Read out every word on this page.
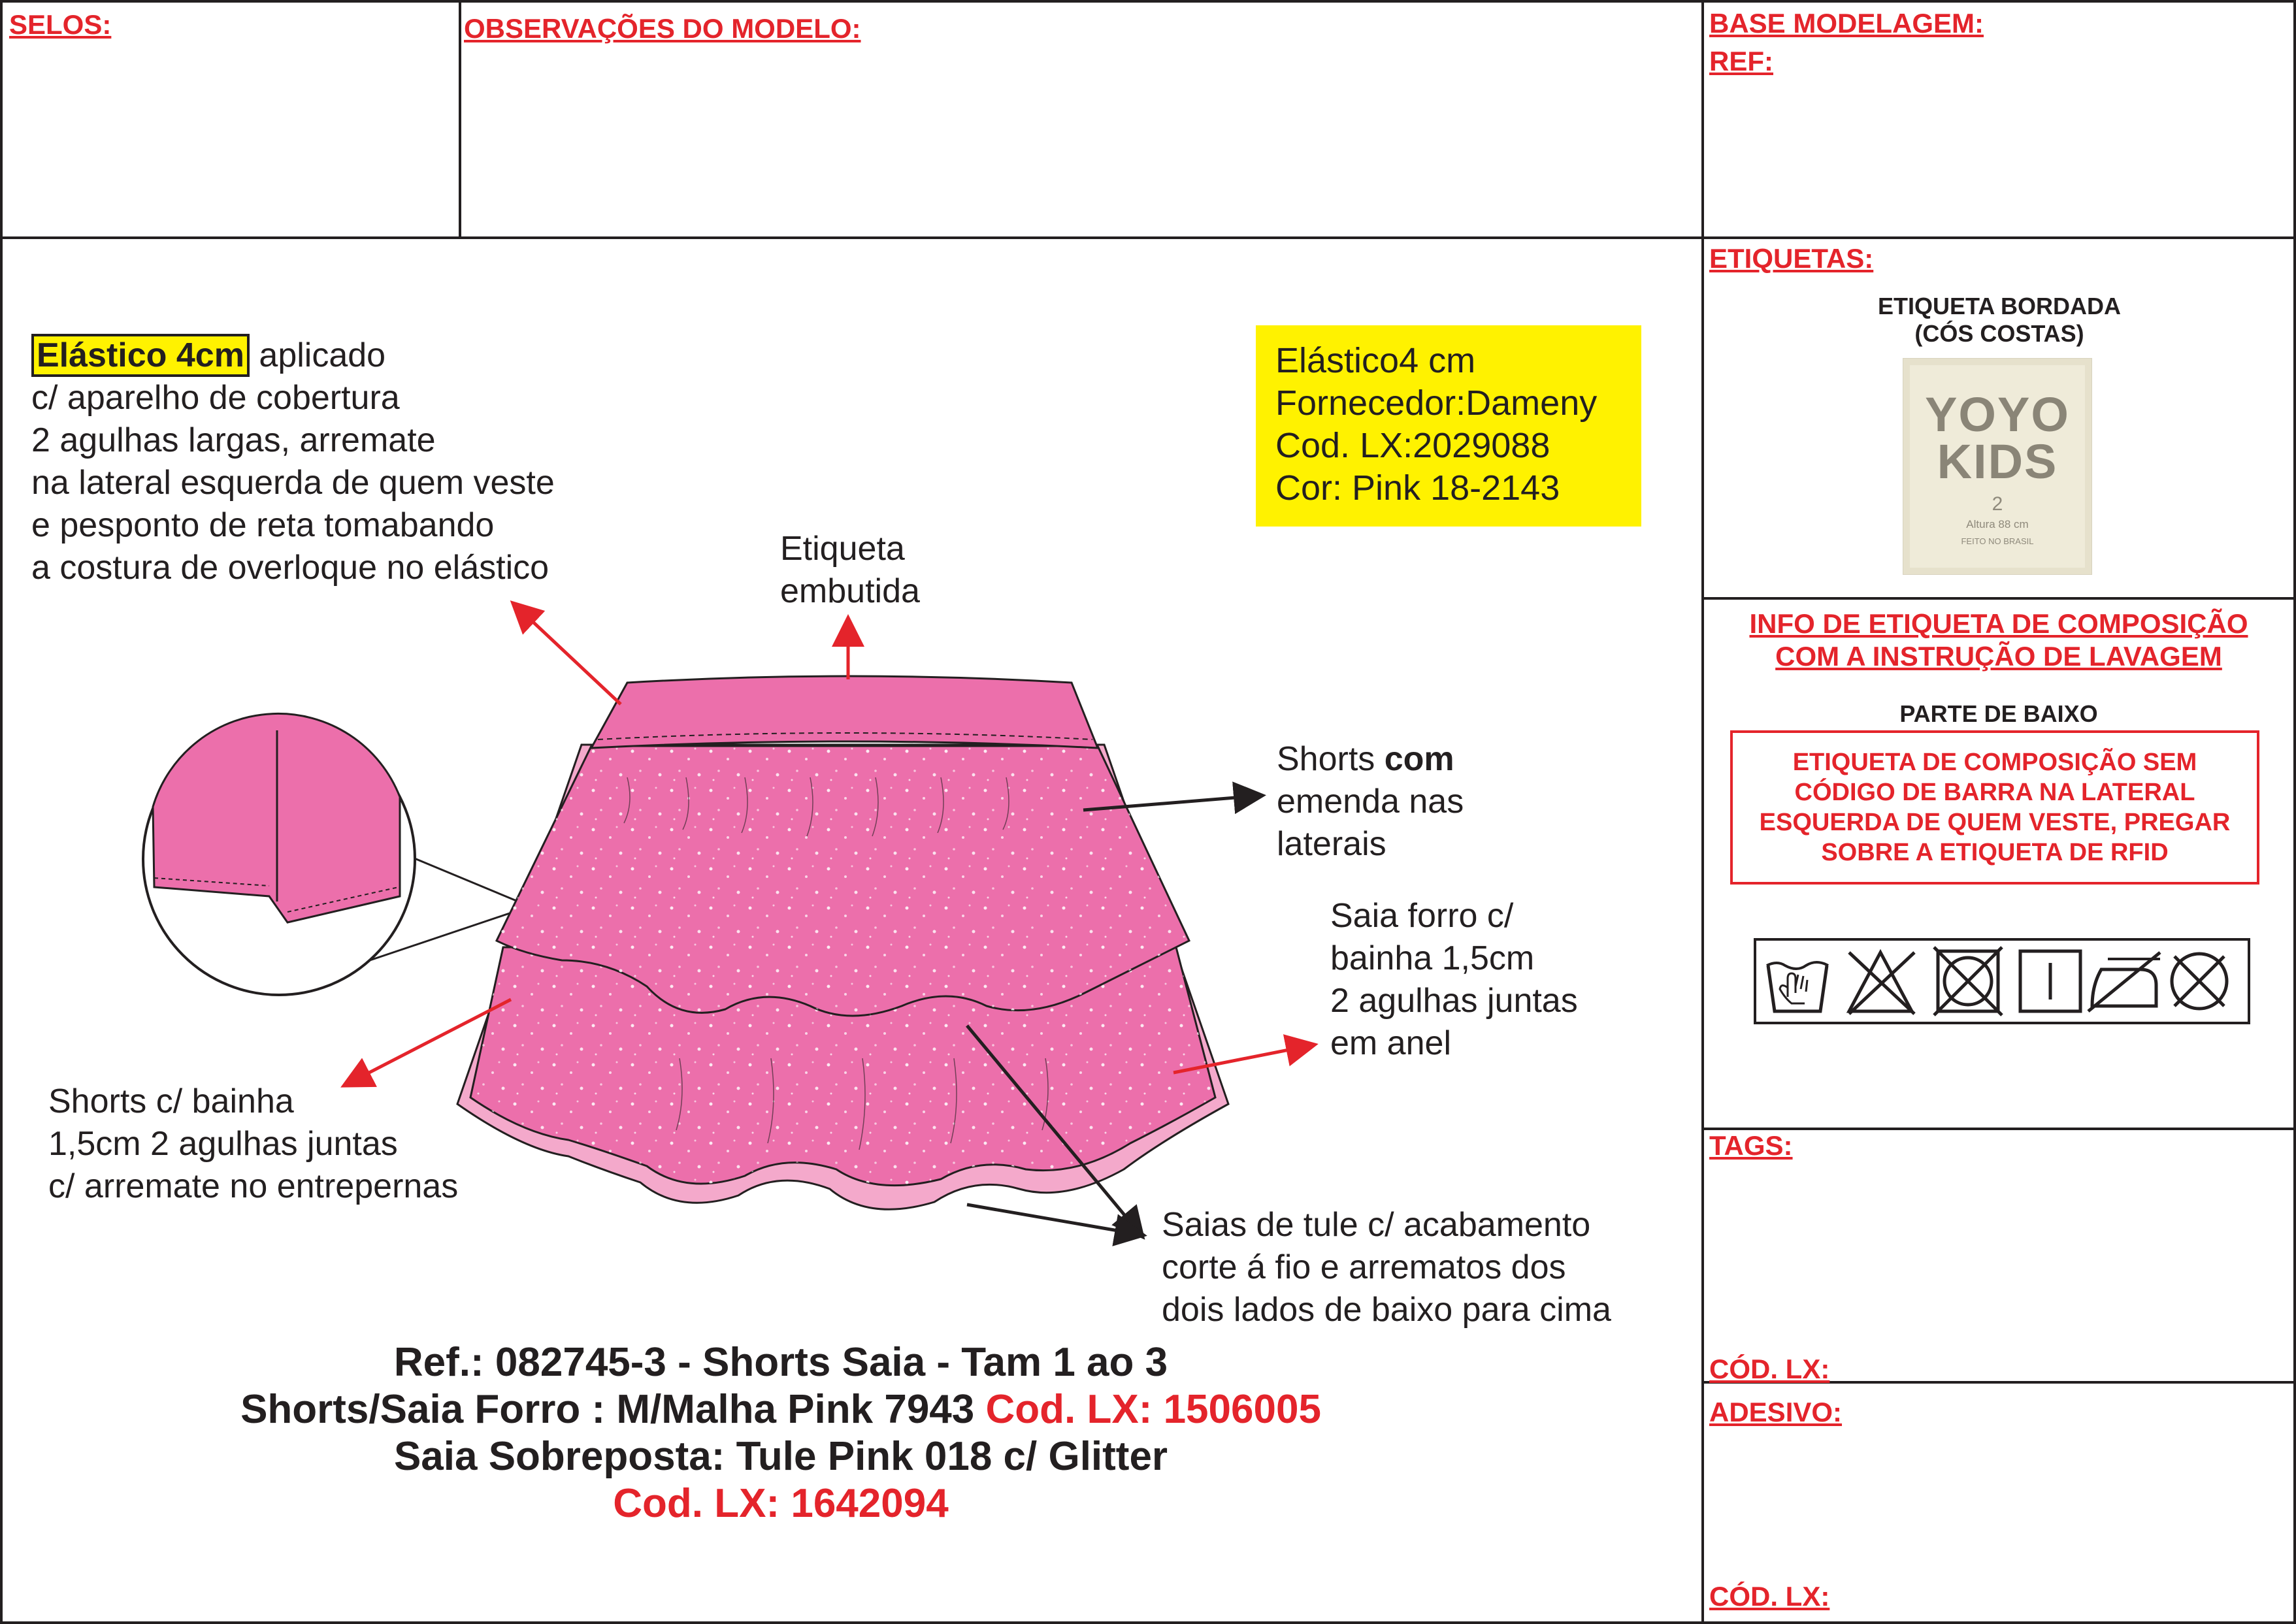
SELOS:	OBSERVAÇÕES DO MODELO:	BASE MODELAGEM:
REF:
ETIQUETAS:
ETIQUETA BORDADA
(CÓS COSTAS)
YOYO
KIDS
2
Altura 88 cm
FEITO NO BRASIL
INFO DE ETIQUETA DE COMPOSIÇÃO
COM A INSTRUÇÃO DE LAVAGEM
PARTE DE BAIXO
ETIQUETA DE COMPOSIÇÃO SEM
CÓDIGO DE BARRA NA LATERAL
ESQUERDA DE QUEM VESTE, PREGAR
SOBRE A ETIQUETA DE RFID
TAGS:
CÓD. LX:
ADESIVO:
CÓD. LX:
Elástico 4cm aplicado
c/ aparelho de cobertura
2 agulhas largas, arremate
na lateral esquerda de quem veste
e pesponto de reta tomabando
a costura de overloque no elástico
Elástico4 cm
Fornecedor:Dameny
Cod. LX:2029088
Cor: Pink 18-2143
Etiqueta
embutida
Shorts com
emenda nas
laterais
Saia forro c/
bainha 1,5cm
2 agulhas juntas
em anel
Shorts c/ bainha
1,5cm 2 agulhas juntas
c/ arremate no entrepernas
Saias de tule c/ acabamento
corte á fio e arrematos dos
dois lados de baixo para cima
Ref.: 082745-3 - Shorts Saia - Tam 1 ao 3
Shorts/Saia Forro : M/Malha Pink 7943 Cod. LX: 1506005
Saia Sobreposta: Tule Pink 018 c/ Glitter
Cod. LX: 1642094
